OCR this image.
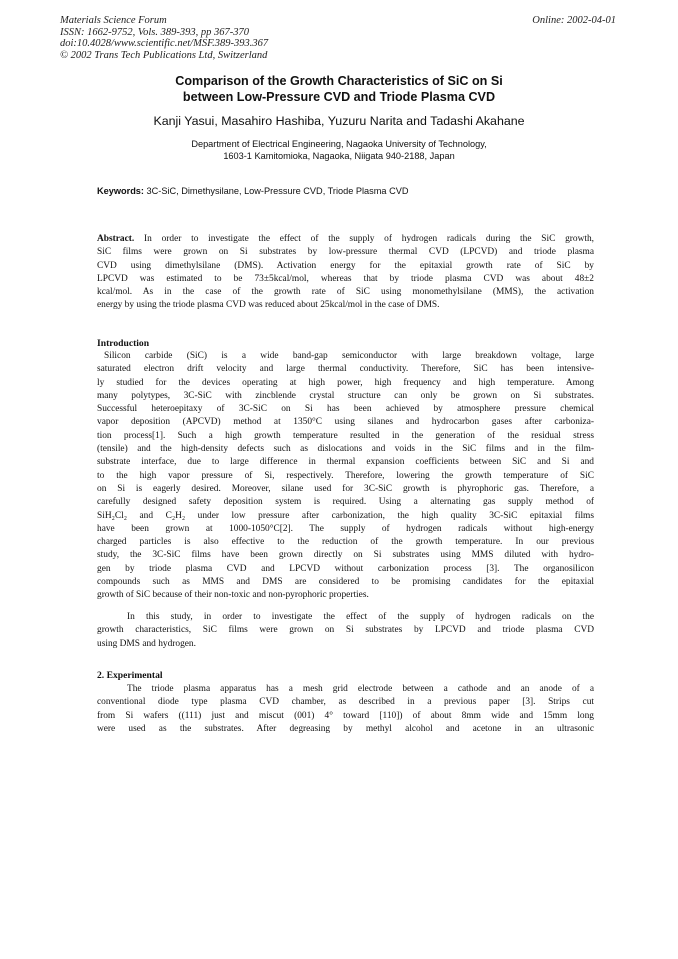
Materials Science Forum
ISSN: 1662-9752, Vols. 389-393, pp 367-370
doi:10.4028/www.scientific.net/MSF.389-393.367
© 2002 Trans Tech Publications Ltd, Switzerland
Online: 2002-04-01
Comparison of the Growth Characteristics of SiC on Si
between Low-Pressure CVD and Triode Plasma CVD
Kanji Yasui, Masahiro Hashiba, Yuzuru Narita and Tadashi Akahane
Department of Electrical Engineering, Nagaoka University of Technology,
1603-1 Kamitomioka, Nagaoka, Niigata 940-2188, Japan
Keywords: 3C-SiC, Dimethysilane, Low-Pressure CVD, Triode Plasma CVD
Abstract. In order to investigate the effect of the supply of hydrogen radicals during the SiC growth,
SiC films were grown on Si substrates by low-pressure thermal CVD (LPCVD) and triode plasma
CVD using dimethylsilane (DMS). Activation energy for the epitaxial growth rate of SiC by
LPCVD was estimated to be 73±5kcal/mol, whereas that by triode plasma CVD was about 48±2
kcal/mol. As in the case of the growth rate of SiC using monomethylsilane (MMS), the activation
energy by using the triode plasma CVD was reduced about 25kcal/mol in the case of DMS.
Introduction
Silicon carbide (SiC) is a wide band-gap semiconductor with large breakdown voltage, large
saturated electron drift velocity and large thermal conductivity. Therefore, SiC has been intensive-
ly studied for the devices operating at high power, high frequency and high temperature. Among
many polytypes, 3C-SiC with zincblende crystal structure can only be grown on Si substrates.
Successful heteroepitaxy of 3C-SiC on Si has been achieved by atmosphere pressure chemical
vapor deposition (APCVD) method at 1350°C using silanes and hydrocarbon gases after carboniza-
tion process[1]. Such a high growth temperature resulted in the generation of the residual stress
(tensile) and the high-density defects such as dislocations and voids in the SiC films and in the film-
substrate interface, due to large difference in thermal expansion coefficients between SiC and Si and
to the high vapor pressure of Si, respectively. Therefore, lowering the growth temperature of SiC
on Si is eagerly desired. Moreover, silane used for 3C-SiC growth is phyrophoric gas. Therefore, a
carefully designed safety deposition system is required. Using a alternating gas supply method of
SiH₂Cl₂ and C₂H₂ under low pressure after carbonization, the high quality 3C-SiC epitaxial films
have been grown at 1000-1050°C[2]. The supply of hydrogen radicals without high-energy
charged particles is also effective to the reduction of the growth temperature. In our previous
study, the 3C-SiC films have been grown directly on Si substrates using MMS diluted with hydro-
gen by triode plasma CVD and LPCVD without carbonization process [3]. The organosilicon
compounds such as MMS and DMS are considered to be promising candidates for the epitaxial
growth of SiC because of their non-toxic and non-pyrophoric properties.
In this study, in order to investigate the effect of the supply of hydrogen radicals on the
growth characteristics, SiC films were grown on Si substrates by LPCVD and triode plasma CVD
using DMS and hydrogen.
2. Experimental
The triode plasma apparatus has a mesh grid electrode between a cathode and an anode of a
conventional diode type plasma CVD chamber, as described in a previous paper [3]. Strips cut
from Si wafers ((111) just and miscut (001) 4° toward [110]) of about 8mm wide and 15mm long
were used as the substrates. After degreasing by methyl alcohol and acetone in an ultrasonic
